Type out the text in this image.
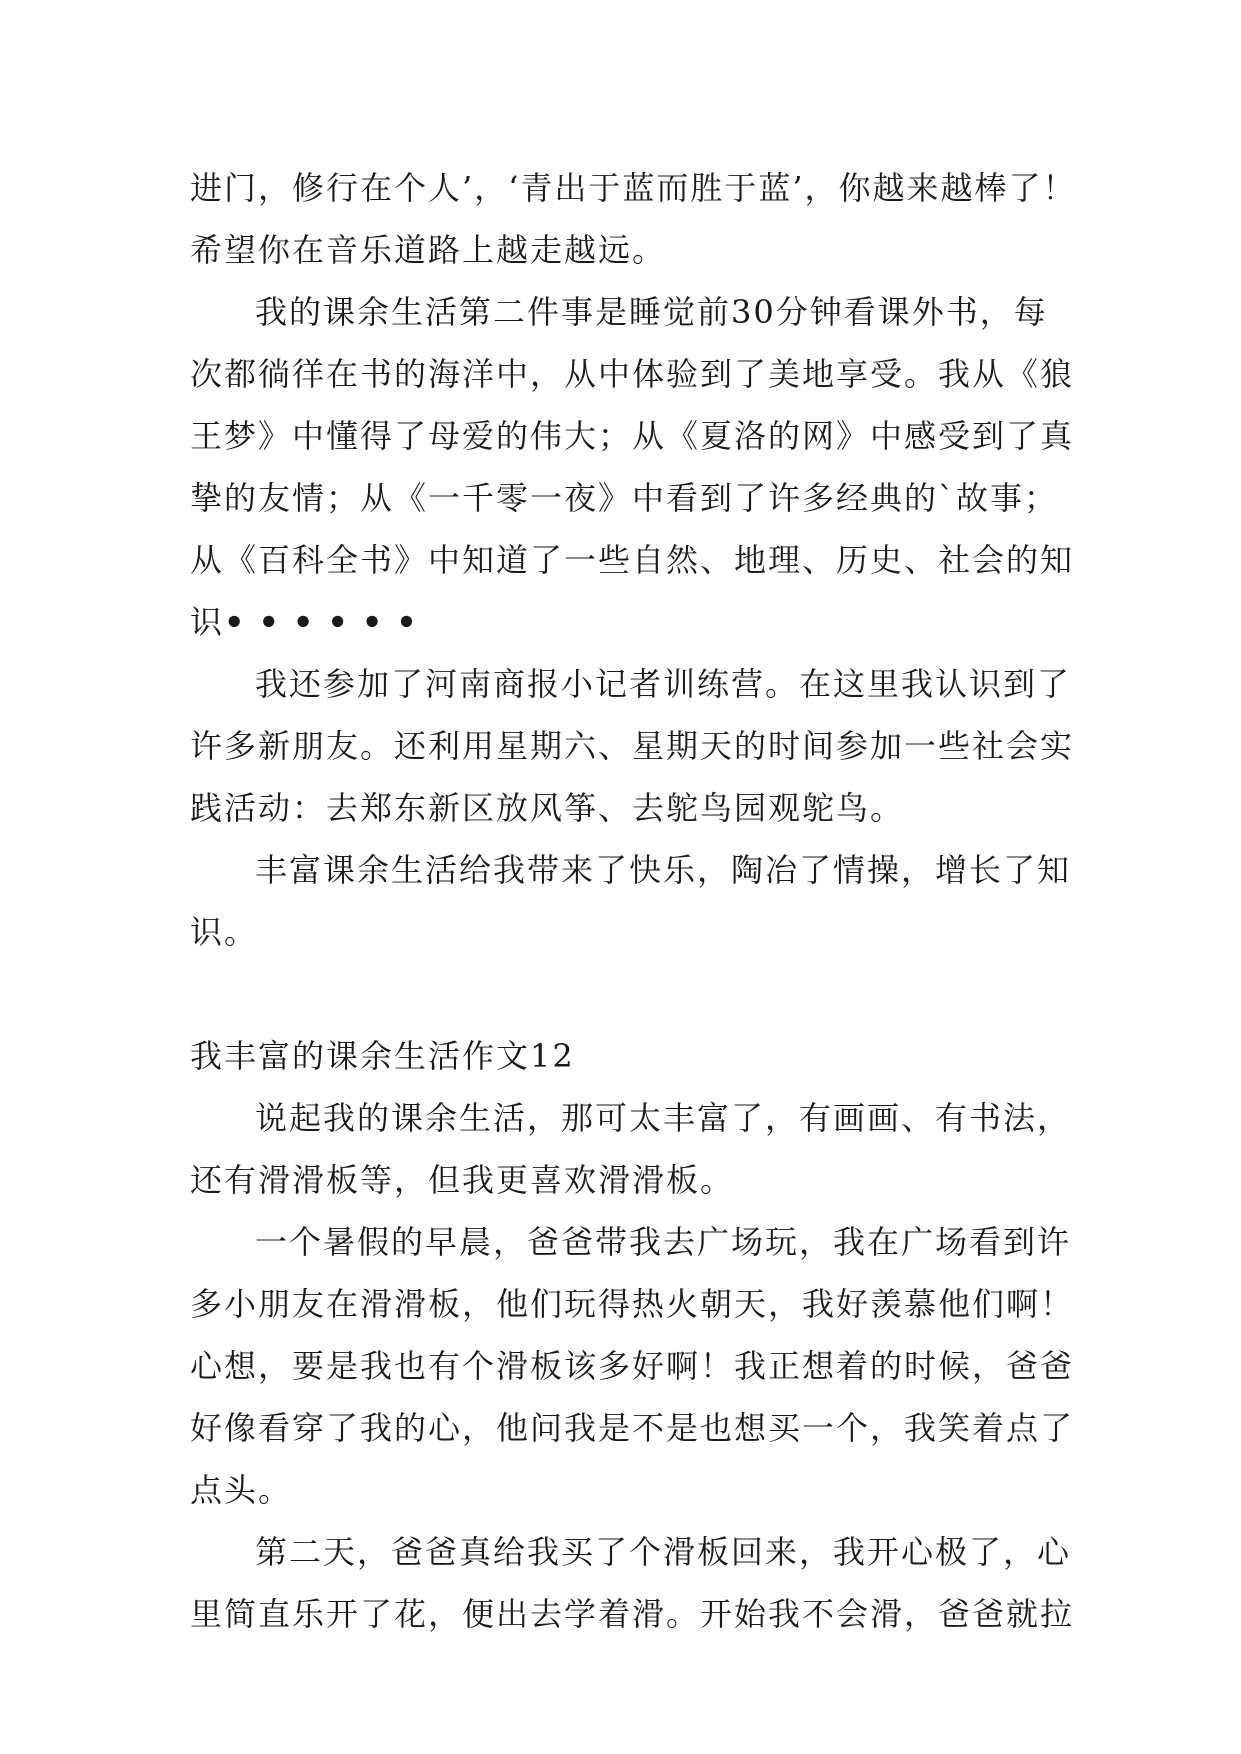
进门，修行在个人’，‘青出于蓝而胜于蓝’，你越来越棒了！
希望你在音乐道路上越走越远。
我的课余生活第二件事是睡觉前30分钟看课外书，每
次都徜徉在书的海洋中，从中体验到了美地享受。我从《狼
王梦》中懂得了母爱的伟大；从《夏洛的网》中感受到了真
挚的友情；从《一千零一夜》中看到了许多经典的`故事；
从《百科全书》中知道了一些自然、地理、历史、社会的知
识••••••
我还参加了河南商报小记者训练营。在这里我认识到了
许多新朋友。还利用星期六、星期天的时间参加一些社会实
践活动：去郑东新区放风筝、去鸵鸟园观鸵鸟。
丰富课余生活给我带来了快乐，陶冶了情操，增长了知
识。
我丰富的课余生活作文12
说起我的课余生活，那可太丰富了，有画画、有书法，
还有滑滑板等，但我更喜欢滑滑板。
一个暑假的早晨，爸爸带我去广场玩，我在广场看到许
多小朋友在滑滑板，他们玩得热火朝天，我好羡慕他们啊！
心想，要是我也有个滑板该多好啊！我正想着的时候，爸爸
好像看穿了我的心，他问我是不是也想买一个，我笑着点了
点头。
第二天，爸爸真给我买了个滑板回来，我开心极了，心
里简直乐开了花，便出去学着滑。开始我不会滑，爸爸就拉
